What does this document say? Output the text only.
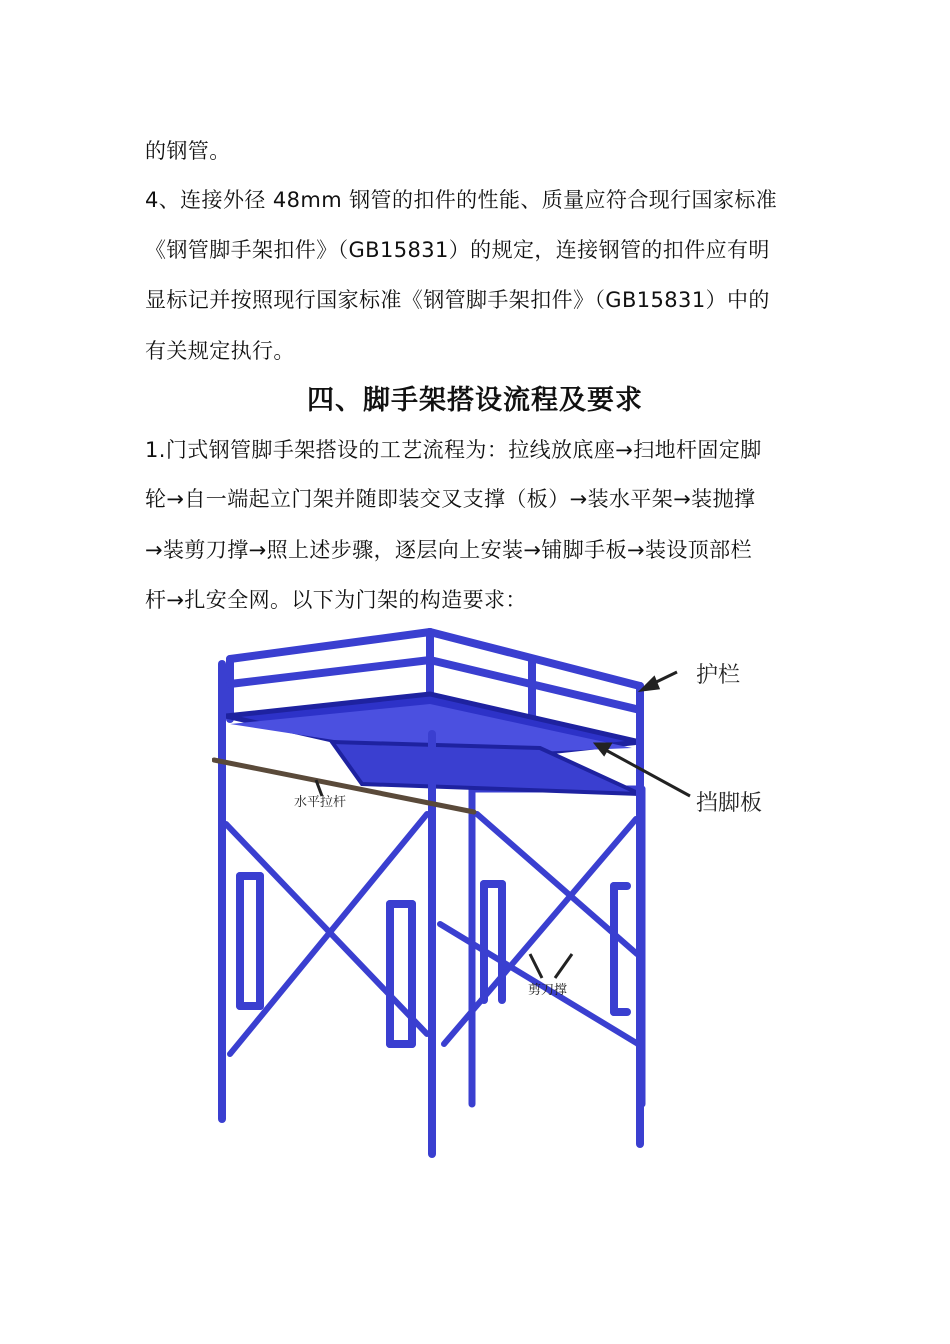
的钢管。
4、连接外径 48mm 钢管的扣件的性能、质量应符合现行国家标准
《钢管脚手架扣件》（GB15831）的规定，连接钢管的扣件应有明
显标记并按照现行国家标准《钢管脚手架扣件》（GB15831）中的
有关规定执行。
四、脚手架搭设流程及要求
1.门式钢管脚手架搭设的工艺流程为：拉线放底座→扫地杆固定脚
轮→自一端起立门架并随即装交叉支撑（板）→装水平架→装抛撑
→装剪刀撑→照上述步骤，逐层向上安装→铺脚手板→装设顶部栏
杆→扎安全网。以下为门架的构造要求：
护栏
挡脚板
水平拉杆
剪刀撑
